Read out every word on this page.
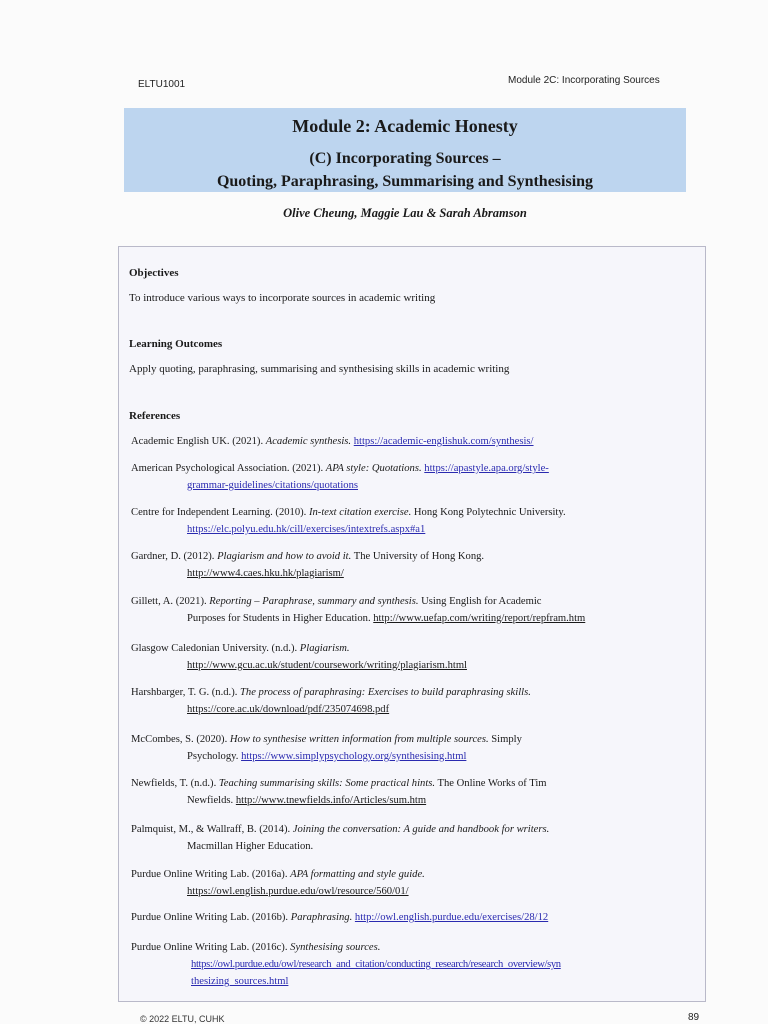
ELTU1001	Module 2C: Incorporating Sources
Module 2: Academic Honesty
(C) Incorporating Sources –
Quoting, Paraphrasing, Summarising and Synthesising
Olive Cheung, Maggie Lau & Sarah Abramson
Objectives
To introduce various ways to incorporate sources in academic writing
Learning Outcomes
Apply quoting, paraphrasing, summarising and synthesising skills in academic writing
References
Academic English UK. (2021). Academic synthesis. https://academic-englishuk.com/synthesis/
American Psychological Association. (2021). APA style: Quotations. https://apastyle.apa.org/style-
grammar-guidelines/citations/quotations
Centre for Independent Learning. (2010). In-text citation exercise. Hong Kong Polytechnic University.
https://elc.polyu.edu.hk/cill/exercises/intextrefs.aspx#a1
Gardner, D. (2012). Plagiarism and how to avoid it. The University of Hong Kong.
http://www4.caes.hku.hk/plagiarism/
Gillett, A. (2021). Reporting – Paraphrase, summary and synthesis. Using English for Academic
Purposes for Students in Higher Education. http://www.uefap.com/writing/report/repfram.htm
Glasgow Caledonian University. (n.d.). Plagiarism.
http://www.gcu.ac.uk/student/coursework/writing/plagiarism.html
Harshbarger, T. G. (n.d.). The process of paraphrasing: Exercises to build paraphrasing skills.
https://core.ac.uk/download/pdf/235074698.pdf
McCombes, S. (2020). How to synthesise written information from multiple sources. Simply
Psychology. https://www.simplypsychology.org/synthesising.html
Newfields, T. (n.d.). Teaching summarising skills: Some practical hints. The Online Works of Tim
Newfields. http://www.tnewfields.info/Articles/sum.htm
Palmquist, M., & Wallraff, B. (2014). Joining the conversation: A guide and handbook for writers.
Macmillan Higher Education.
Purdue Online Writing Lab. (2016a). APA formatting and style guide.
https://owl.english.purdue.edu/owl/resource/560/01/
Purdue Online Writing Lab. (2016b). Paraphrasing. http://owl.english.purdue.edu/exercises/28/12
Purdue Online Writing Lab. (2016c). Synthesising sources.
https://owl.purdue.edu/owl/research_and_citation/conducting_research/research_overview/syn
thesizing_sources.html
© 2022 ELTU, CUHK	89
